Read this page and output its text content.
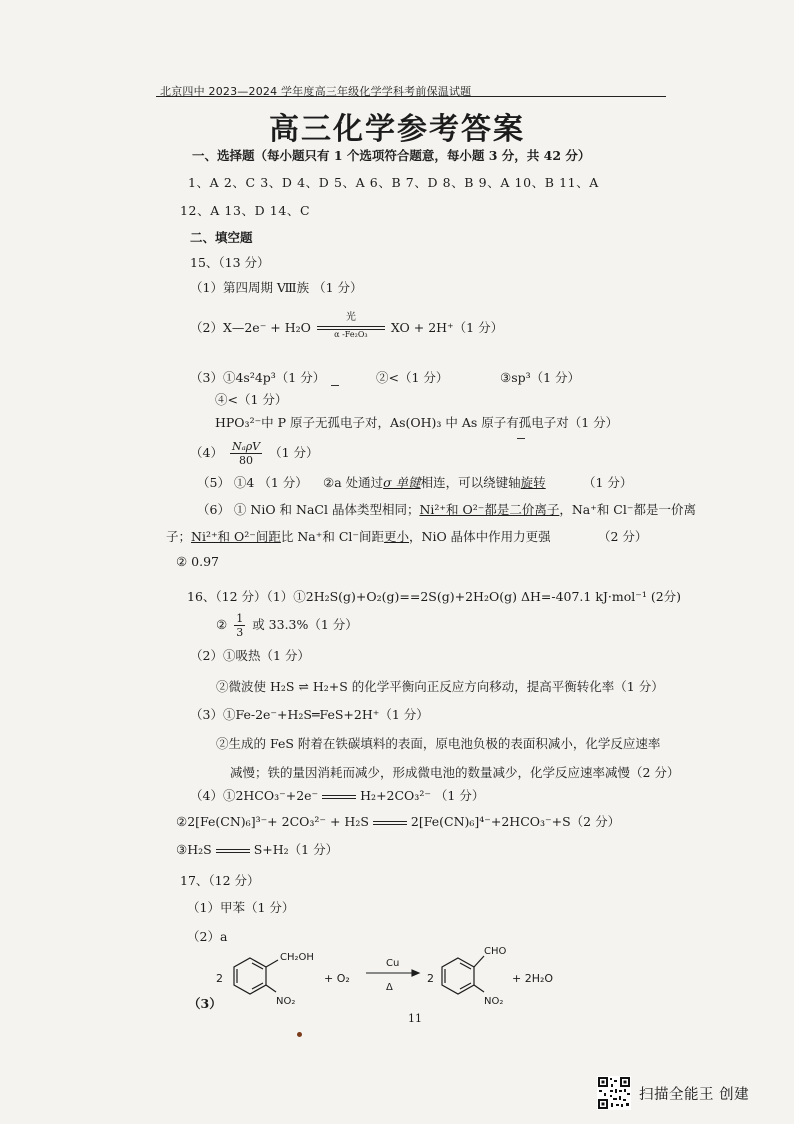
北京四中 2023—2024 学年度高三年级化学学科考前保温试题
高三化学参考答案
一、选择题（每小题只有 1 个选项符合题意，每小题 3 分，共 42 分）
1、A 2、C 3、D 4、D 5、A 6、B 7、D 8、B 9、A 10、B 11、A
12、A 13、D 14、C
二、填空题
15、（13 分）
（1）第四周期 Ⅷ族 （1 分）
（2）X—2e⁻ + H₂O
光
α -Fe₂O₃	XO + 2H⁺（1 分）
（3）①4s²4p³（1 分）	②<（1 分）	③sp³（1 分）
④<（1 分）
HPO₃²⁻中 P 原子无孤电子对，As(OH)₃ 中 As 原子有孤电子对（1 分）
$(4) \frac{\text{NₐρV}}{80} (1$ 分）
（5） ①4 （1 分） ②a 处通过σ 单键相连，可以绕键轴旋转	（1 分）
（6） ① NiO 和 NaCl 晶体类型相同；Ni²⁺和 O²⁻都是二价离子，Na⁺和 Cl⁻都是一价离
子；Ni²⁺和 O²⁻间距比 Na⁺和 Cl⁻间距更小，NiO 晶体中作用力更强	（2 分）
② 0.97
16、（12 分）（1）①2H₂S(g)+O₂(g)==2S(g)+2H₂O(g) ΔH=-407.1 kJ·mol⁻¹ (2分)
② $\frac{1}{3}$ 或 33.3%（1 分）
（2）①吸热（1 分）
②微波使 H₂S ⇌ H₂+S 的化学平衡向正反应方向移动，提高平衡转化率（1 分）
（3）①Fe-2e⁻+H₂S═FeS+2H⁺（1 分）
②生成的 FeS 附着在铁碳填料的表面，原电池负极的表面积减小，化学反应速率
减慢；铁的量因消耗而减少，形成微电池的数量减少，化学反应速率减慢（2 分）
（4）①2HCO₃⁻+2e⁻	H₂+2CO₃²⁻ （1 分）
②2[Fe(CN)₆]³⁻+ 2CO₃²⁻ + H₂S	2[Fe(CN)₆]⁴⁻+2HCO₃⁻+S（2 分）
③H₂S	S+H₂（1 分）
17、（12 分）
（1）甲苯（1 分）
（2）a
2
CH₂OH
NO₂
+ O₂
Cu
Δ
2
CHO
NO₂
+ 2H₂O
（3）
11
扫描全能王 创建
